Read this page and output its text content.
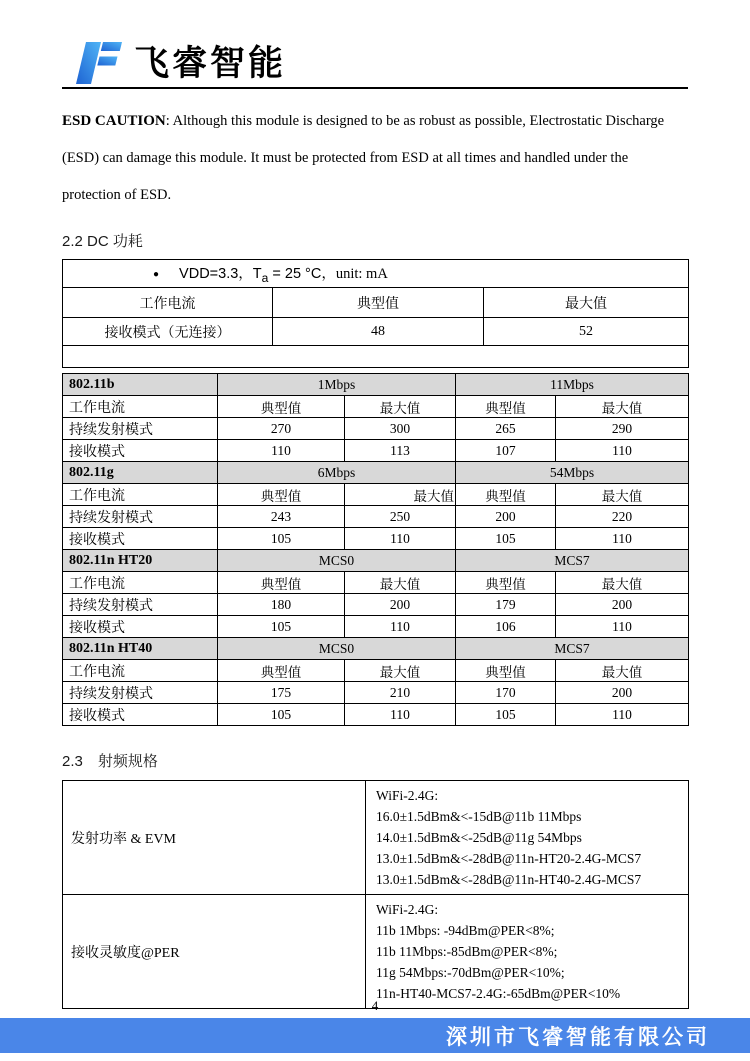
飞睿智能

ESD CAUTION: Although this module is designed to be as robust as possible, Electrostatic Discharge (ESD) can damage this module. It must be protected from ESD at all times and handled under the protection of ESD.

2.2 DC 功耗
● VDD=3.3，$T_a = 25$ °C，unit: mA		
工作电流	典型值	最大值
接收模式（无连接）	48	52

802.11b	1Mbps		11Mbps	
工作电流	典型值	最大值	典型值	最大值
持续发射模式	270	300	265	290
接收模式	110	113	107	110
802.11g	6Mbps		54Mbps	
工作电流	典型值	最大值	典型值	最大值
持续发射模式	243	250	200	220
接收模式	105	110	105	110
802.11n HT20	MCS0		MCS7	
工作电流	典型值	最大值	典型值	最大值
持续发射模式	180	200	179	200
接收模式	105	110	106	110
802.11n HT40	MCS0		MCS7	
工作电流	典型值	最大值	典型值	最大值
持续发射模式	175	210	170	200
接收模式	105	110	105	110
2.3　射频规格
发射功率 & EVM	WiFi-2.4G:
16.0±1.5dBm&<-15dB@11b 11Mbps
14.0±1.5dBm&<-25dB@11g 54Mbps
13.0±1.5dBm&<-28dB@11n-HT20-2.4G-MCS7
13.0±1.5dBm&<-28dB@11n-HT40-2.4G-MCS7

接收灵敏度@PER	WiFi-2.4G:
11b 1Mbps: -94dBm@PER<8%;
11b 11Mbps:-85dBm@PER<8%;
11g 54Mbps:-70dBm@PER<10%;
11n-HT40-MCS7-2.4G:-65dBm@PER<10%
4
深圳市飞睿智能有限公司
